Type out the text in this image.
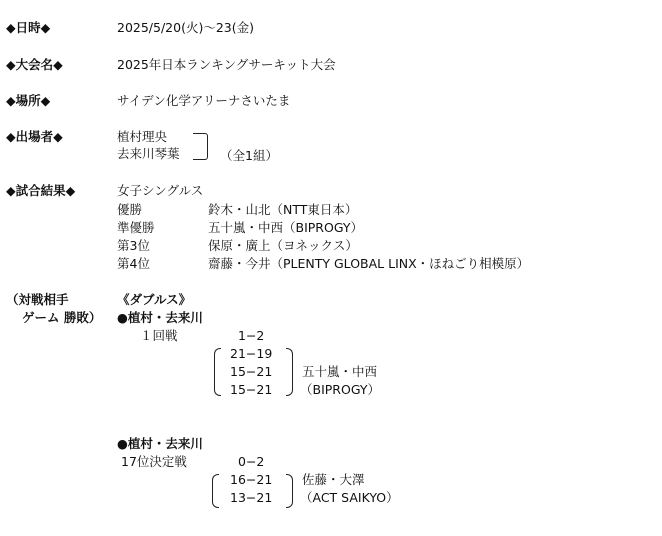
◆日時◆	2025/5/20(火)〜23(金)
◆大会名◆	2025年日本ランキングサーキット大会
◆場所◆	サイデン化学アリーナさいたま
◆出場者◆	植村理央
去来川琴葉	（全1組）
◆試合結果◆	女子シングルス
優勝	鈴木・山北（NTT東日本）
準優勝	五十嵐・中西（BIPROGY）
第3位	保原・廣上（ヨネックス）
第4位	齋藤・今井（PLENTY GLOBAL LINX・ほねごり相模原）
（対戦相手
ゲーム 勝敗）
《ダブルス》
●植村・去来川
１回戦	1−2
21−19
15−21
15−21
五十嵐・中西
（BIPROGY）
●植村・去来川
17位決定戦	0−2
16−21
13−21
佐藤・大澤
（ACT SAIKYO）
